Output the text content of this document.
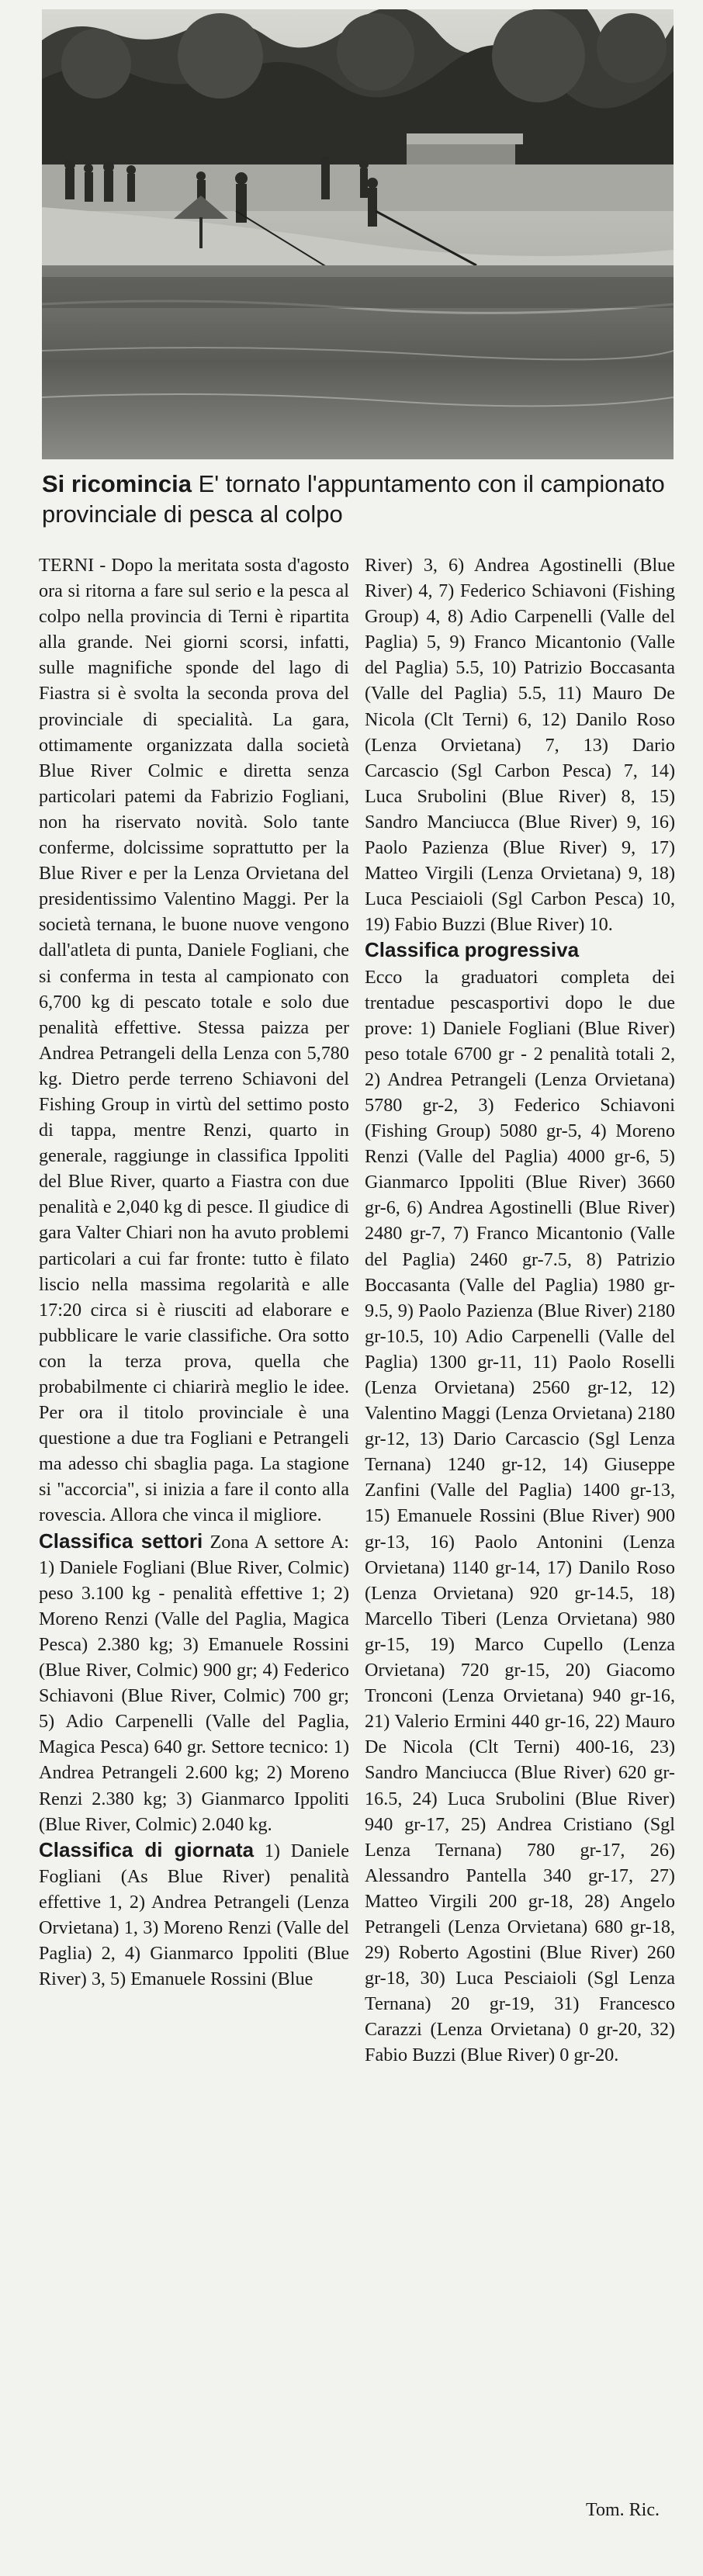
Si ricomincia E' tornato l'appuntamento con il campionato provinciale di pesca al colpo

TERNI - Dopo la meritata sosta d'agosto ora si ritorna a fare sul serio e la pesca al colpo nella provincia di Terni è ripartita alla grande. Nei giorni scorsi, infatti, sulle magnifiche sponde del lago di Fiastra si è svolta la seconda prova del provinciale di specialità. La gara, ottimamente organizzata dalla società Blue River Colmic e diretta senza particolari patemi da Fabrizio Fogliani, non ha riservato novità. Solo tante conferme, dolcissime soprattutto per la Blue River e per la Lenza Orvietana del presidentissimo Valentino Maggi. Per la società ternana, le buone nuove vengono dall'atleta di punta, Daniele Fogliani, che si conferma in testa al campionato con 6,700 kg di pescato totale e solo due penalità effettive. Stessa paizza per Andrea Petrangeli della Lenza con 5,780 kg. Dietro perde terreno Schiavoni del Fishing Group in virtù del settimo posto di tappa, mentre Renzi, quarto in generale, raggiunge in classifica Ippoliti del Blue River, quarto a Fiastra con due penalità e 2,040 kg di pesce. Il giudice di gara Valter Chiari non ha avuto problemi particolari a cui far fronte: tutto è filato liscio nella massima regolarità e alle 17:20 circa si è riusciti ad elaborare e pubblicare le varie classifiche. Ora sotto con la terza prova, quella che probabilmente ci chiarirà meglio le idee. Per ora il titolo provinciale è una questione a due tra Fogliani e Petrangeli ma adesso chi sbaglia paga. La stagione si "accorcia", si inizia a fare il conto alla rovescia. Allora che vinca il migliore.

Classifica settori Zona A settore A: 1) Daniele Fogliani (Blue River, Colmic) peso 3.100 kg - penalità effettive 1; 2) Moreno Renzi (Valle del Paglia, Magica Pesca) 2.380 kg; 3) Emanuele Rossini (Blue River, Colmic) 900 gr; 4) Federico Schiavoni (Blue River, Colmic) 700 gr; 5) Adio Carpenelli (Valle del Paglia, Magica Pesca) 640 gr. Settore tecnico: 1) Andrea Petrangeli 2.600 kg; 2) Moreno Renzi 2.380 kg; 3) Gianmarco Ippoliti (Blue River, Colmic) 2.040 kg.

Classifica di giornata 1) Daniele Fogliani (As Blue River) penalità effettive 1, 2) Andrea Petrangeli (Lenza Orvietana) 1, 3) Moreno Renzi (Valle del Paglia) 2, 4) Gianmarco Ippoliti (Blue River) 3, 5) Emanuele Rossini (Blue

River) 3, 6) Andrea Agostinelli (Blue River) 4, 7) Federico Schiavoni (Fishing Group) 4, 8) Adio Carpenelli (Valle del Paglia) 5, 9) Franco Micantonio (Valle del Paglia) 5.5, 10) Patrizio Boccasanta (Valle del Paglia) 5.5, 11) Mauro De Nicola (Clt Terni) 6, 12) Danilo Roso (Lenza Orvietana) 7, 13) Dario Carcascio (Sgl Carbon Pesca) 7, 14) Luca Srubolini (Blue River) 8, 15) Sandro Manciucca (Blue River) 9, 16) Paolo Pazienza (Blue River) 9, 17) Matteo Virgili (Lenza Orvietana) 9, 18) Luca Pesciaioli (Sgl Carbon Pesca) 10, 19) Fabio Buzzi (Blue River) 10.

Classifica progressiva

Ecco la graduatori completa dei trentadue pescasportivi dopo le due prove: 1) Daniele Fogliani (Blue River) peso totale 6700 gr - 2 penalità totali 2, 2) Andrea Petrangeli (Lenza Orvietana) 5780 gr-2, 3) Federico Schiavoni (Fishing Group) 5080 gr-5, 4) Moreno Renzi (Valle del Paglia) 4000 gr-6, 5) Gianmarco Ippoliti (Blue River) 3660 gr-6, 6) Andrea Agostinelli (Blue River) 2480 gr-7, 7) Franco Micantonio (Valle del Paglia) 2460 gr-7.5, 8) Patrizio Boccasanta (Valle del Paglia) 1980 gr-9.5, 9) Paolo Pazienza (Blue River) 2180 gr-10.5, 10) Adio Carpenelli (Valle del Paglia) 1300 gr-11, 11) Paolo Roselli (Lenza Orvietana) 2560 gr-12, 12) Valentino Maggi (Lenza Orvietana) 2180 gr-12, 13) Dario Carcascio (Sgl Lenza Ternana) 1240 gr-12, 14) Giuseppe Zanfini (Valle del Paglia) 1400 gr-13, 15) Emanuele Rossini (Blue River) 900 gr-13, 16) Paolo Antonini (Lenza Orvietana) 1140 gr-14, 17) Danilo Roso (Lenza Orvietana) 920 gr-14.5, 18) Marcello Tiberi (Lenza Orvietana) 980 gr-15, 19) Marco Cupello (Lenza Orvietana) 720 gr-15, 20) Giacomo Tronconi (Lenza Orvietana) 940 gr-16, 21) Valerio Ermini 440 gr-16, 22) Mauro De Nicola (Clt Terni) 400-16, 23) Sandro Manciucca (Blue River) 620 gr-16.5, 24) Luca Srubolini (Blue River) 940 gr-17, 25) Andrea Cristiano (Sgl Lenza Ternana) 780 gr-17, 26) Alessandro Pantella 340 gr-17, 27) Matteo Virgili 200 gr-18, 28) Angelo Petrangeli (Lenza Orvietana) 680 gr-18, 29) Roberto Agostini (Blue River) 260 gr-18, 30) Luca Pesciaioli (Sgl Lenza Ternana) 20 gr-19, 31) Francesco Carazzi (Lenza Orvietana) 0 gr-20, 32) Fabio Buzzi (Blue River) 0 gr-20.

Tom. Ric.
